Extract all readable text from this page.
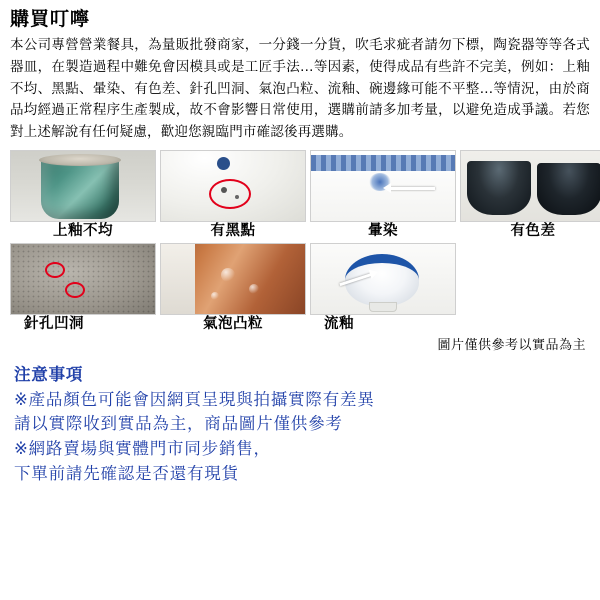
購買叮嚀
本公司專營營業餐具，為量販批發商家，一分錢一分貨，吹毛求疵者請勿下標，陶瓷器等等各式器皿，在製造過程中難免會因模具或是工匠手法…等因素，使得成品有些許不完美，例如：上釉不均、黑點、暈染、有色差、針孔凹洞、氣泡凸粒、流釉、碗邊緣可能不平整…等情況，由於商品均經過正常程序生產製成，故不會影響日常使用，選購前請多加考量，以避免造成爭議。若您對上述解說有任何疑慮，歡迎您親臨門市確認後再選購。
上釉不均	有黑點	暈染	有色差
針孔凹洞	氣泡凸粒	流釉
圖片僅供參考以實品為主

注意事項

※產品顏色可能會因網頁呈現與拍攝實際有差異

請以實際收到實品為主，商品圖片僅供參考

※網路賣場與實體門市同步銷售，

下單前請先確認是否還有現貨
